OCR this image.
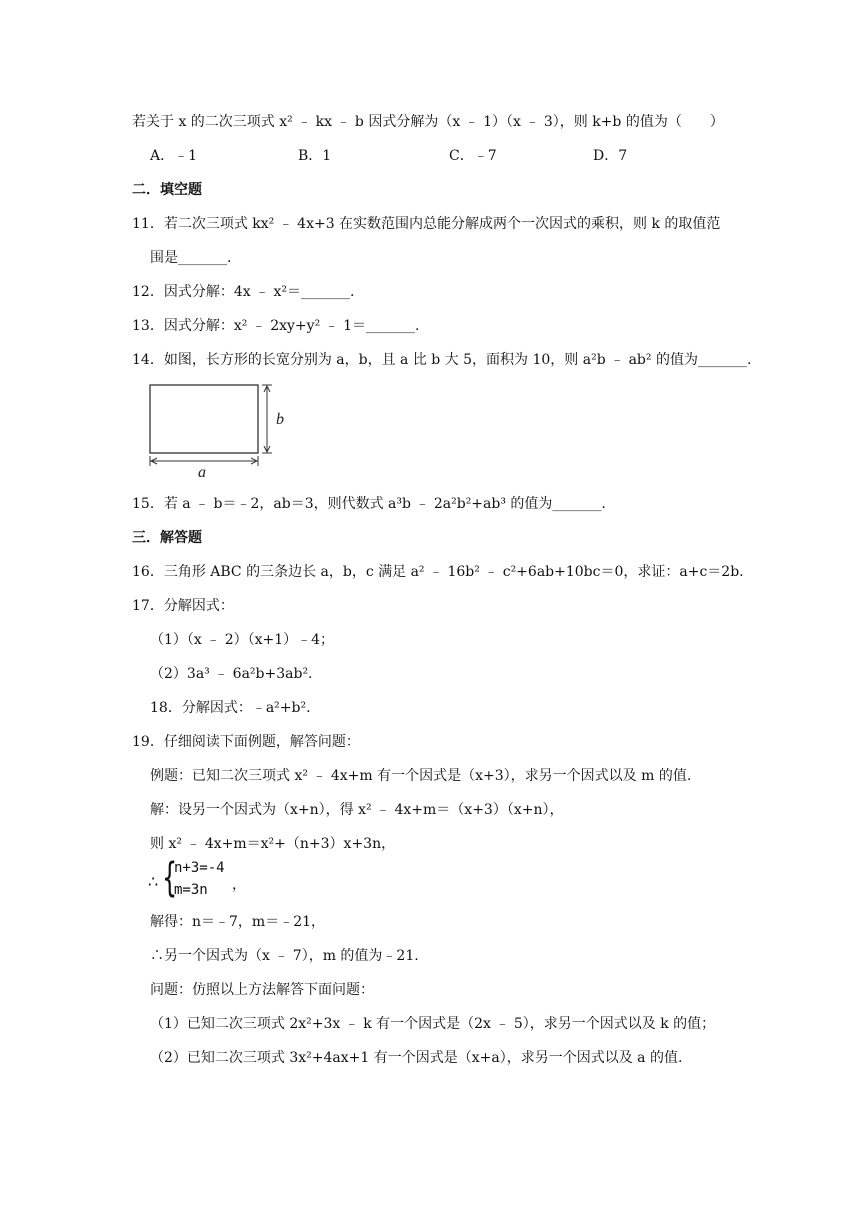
若关于 x 的二次三项式 x² ﹣ kx ﹣ b 因式分解为（x ﹣ 1）（x ﹣ 3），则 k+b 的值为（　　）
A．﹣1	B．1	C．﹣7	D．7
二．填空题
11．若二次三项式 kx² ﹣ 4x+3 在实数范围内总能分解成两个一次因式的乘积，则 k 的取值范
围是_______.
12．因式分解：4x ﹣ x²＝_______.
13．因式分解：x² ﹣ 2xy+y² ﹣ 1＝_______.
14．如图，长方形的长宽分别为 a，b，且 a 比 b 大 5，面积为 10，则 a²b ﹣ ab² 的值为_______.
b
a
15．若 a ﹣ b＝﹣2，ab＝3，则代数式 a³b ﹣ 2a²b²+ab³ 的值为_______.
三．解答题
16．三角形 ABC 的三条边长 a，b，c 满足 a² ﹣ 16b² ﹣ c²+6ab+10bc＝0，求证：a+c＝2b.
17．分解因式：
（1）（x ﹣ 2）（x+1）﹣4；
（2）3a³ ﹣ 6a²b+3ab².
18．分解因式：﹣a²+b².
19．仔细阅读下面例题，解答问题：
例题：已知二次三项式 x² ﹣ 4x+m 有一个因式是（x+3），求另一个因式以及 m 的值.
解：设另一个因式为（x+n），得 x² ﹣ 4x+m＝（x+3）（x+n），
则 x² ﹣ 4x+m＝x²+（n+3）x+3n，
∴ {
n+3=-4
m=3n ，
解得：n＝﹣7，m＝﹣21，
∴另一个因式为（x ﹣ 7），m 的值为﹣21.
问题：仿照以上方法解答下面问题：
（1）已知二次三项式 2x²+3x ﹣ k 有一个因式是（2x ﹣ 5），求另一个因式以及 k 的值；
（2）已知二次三项式 3x²+4ax+1 有一个因式是（x+a），求另一个因式以及 a 的值.
